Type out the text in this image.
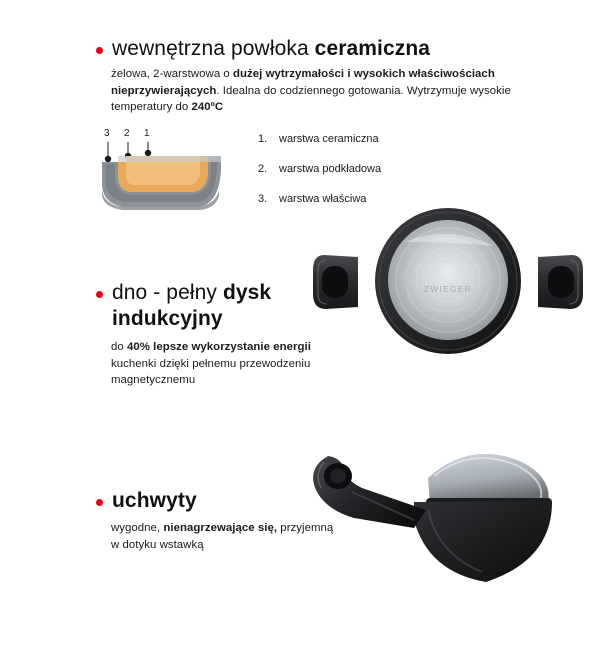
wewnętrzna powłoka ceramiczna
żelowa, 2-warstwowa o dużej wytrzymałości i wysokich właściwościach nieprzywierających. Idealna do codziennego gotowania. Wytrzymuje wysokie temperatury do 240ºC
3 2 1	1. warstwa ceramiczna
2. warstwa podkładowa
3. warstwa właściwa
dno - pełny dysk indukcyjny
do 40% lepsze wykorzystanie energii kuchenki dzięki pełnemu przewodzeniu magnetycznemu
ZWIEGER
uchwyty
wygodne, nienagrzewające się, przyjemną w dotyku wstawką
